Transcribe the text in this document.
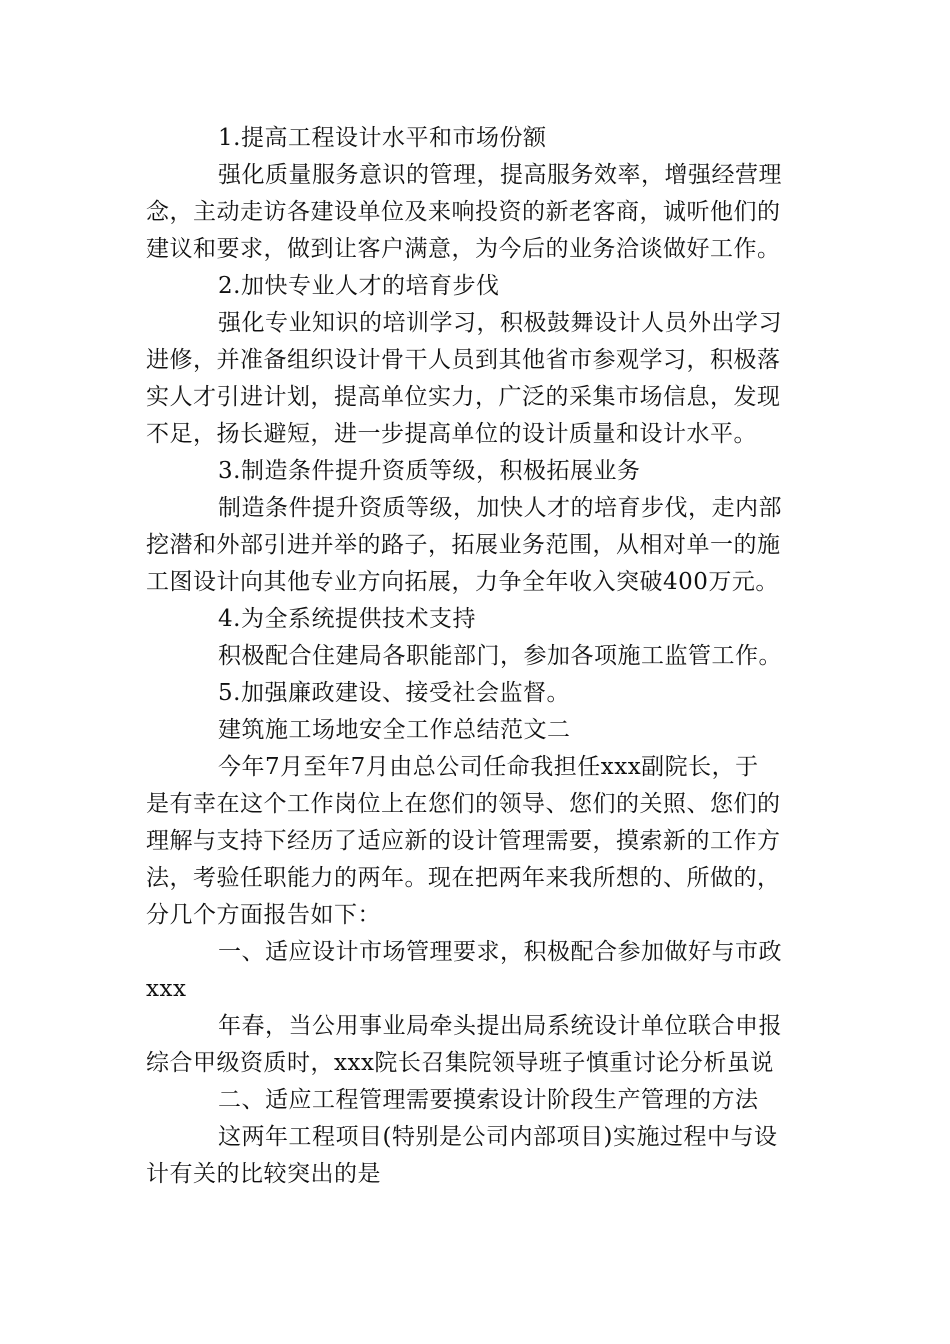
1.提高工程设计水平和市场份额
强化质量服务意识的管理，提高服务效率，增强经营理
念，主动走访各建设单位及来响投资的新老客商，诚听他们的
建议和要求，做到让客户满意，为今后的业务洽谈做好工作。
2.加快专业人才的培育步伐
强化专业知识的培训学习，积极鼓舞设计人员外出学习
进修，并准备组织设计骨干人员到其他省市参观学习，积极落
实人才引进计划，提高单位实力，广泛的采集市场信息，发现
不足，扬长避短，进一步提高单位的设计质量和设计水平。
3.制造条件提升资质等级，积极拓展业务
制造条件提升资质等级，加快人才的培育步伐，走内部
挖潜和外部引进并举的路子，拓展业务范围，从相对单一的施
工图设计向其他专业方向拓展，力争全年收入突破400万元。
4.为全系统提供技术支持
积极配合住建局各职能部门，参加各项施工监管工作。
5.加强廉政建设、接受社会监督。
建筑施工场地安全工作总结范文二
今年7月至年7月由总公司任命我担任xxx副院长，于
是有幸在这个工作岗位上在您们的领导、您们的关照、您们的
理解与支持下经历了适应新的设计管理需要，摸索新的工作方
法，考验任职能力的两年。现在把两年来我所想的、所做的，
分几个方面报告如下：
一、适应设计市场管理要求，积极配合参加做好与市政
xxx
年春，当公用事业局牵头提出局系统设计单位联合申报
综合甲级资质时，xxx院长召集院领导班子慎重讨论分析虽说
二、适应工程管理需要摸索设计阶段生产管理的方法
这两年工程项目(特别是公司内部项目)实施过程中与设
计有关的比较突出的是
